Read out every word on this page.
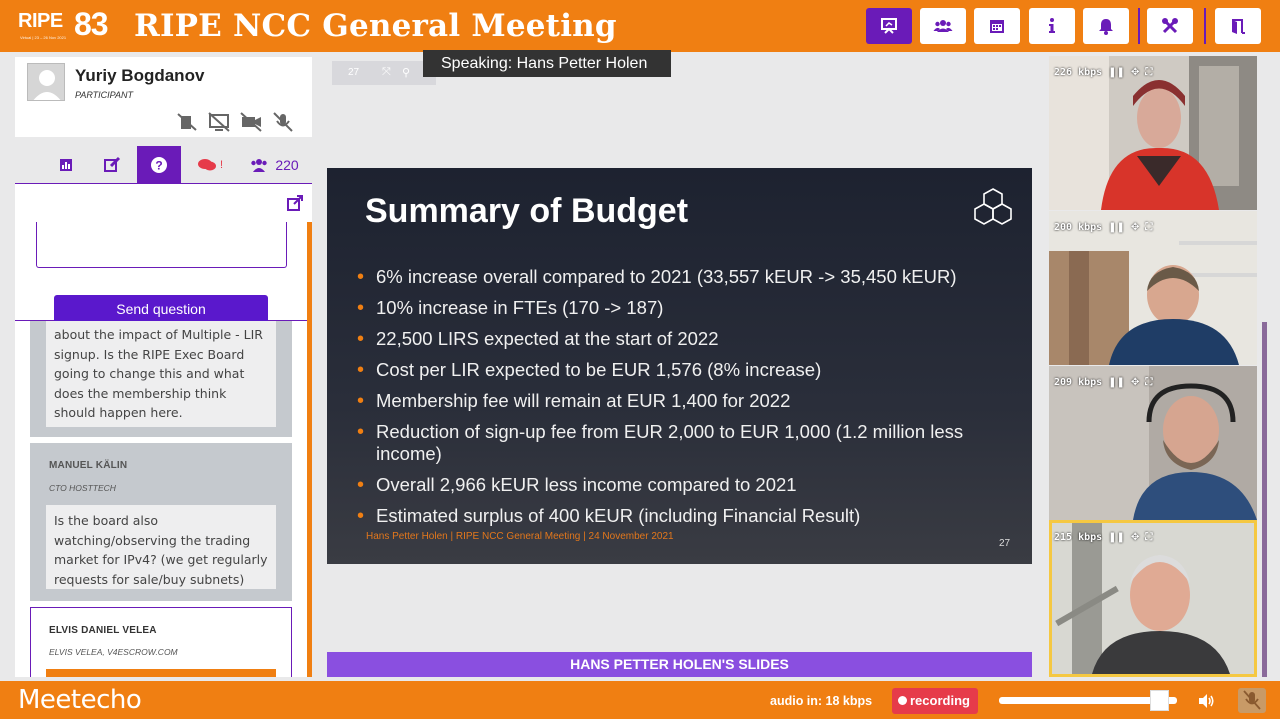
RIPE 83
Virtual | 23 – 26 Nov 2021 RIPE NCC General Meeting
Yuriy Bogdanov
PARTICIPANT
?	!	220
Send question
about the impact of Multiple - LIR signup. Is the RIPE Exec Board going to change this and what does the membership think should happen here.
MANUEL KÄLIN
CTO HOSTTECH
Is the board also watching/observing the trading market for IPv4? (we get regularly requests for sale/buy subnets)
ELVIS DANIEL VELEA
ELVIS VELEA, V4ESCROW.COM
27 ⤧ ⚲
Speaking: Hans Petter Holen
Summary of Budget
• 6% increase overall compared to 2021 (33,557 kEUR -> 35,450 kEUR)
• 10% increase in FTEs (170 -> 187)
• 22,500 LIRS expected at the start of 2022
• Cost per LIR expected to be EUR 1,576 (8% increase)
• Membership fee will remain at EUR 1,400 for 2022
• Reduction of sign-up fee from EUR 2,000 to EUR 1,000 (1.2 million less income)
• Overall 2,966 kEUR less income compared to 2021
• Estimated surplus of 400 kEUR (including Financial Result)
Hans Petter Holen | RIPE NCC General Meeting | 24 November 2021
27
HANS PETTER HOLEN'S SLIDES
226 kbps ❚❚ ✥ ⛶
200 kbps ❚❚ ✥ ⛶
209 kbps ❚❚ ✥ ⛶
215 kbps ❚❚ ✥ ⛶
Meetecho	audio in: 18 kbps	recording
